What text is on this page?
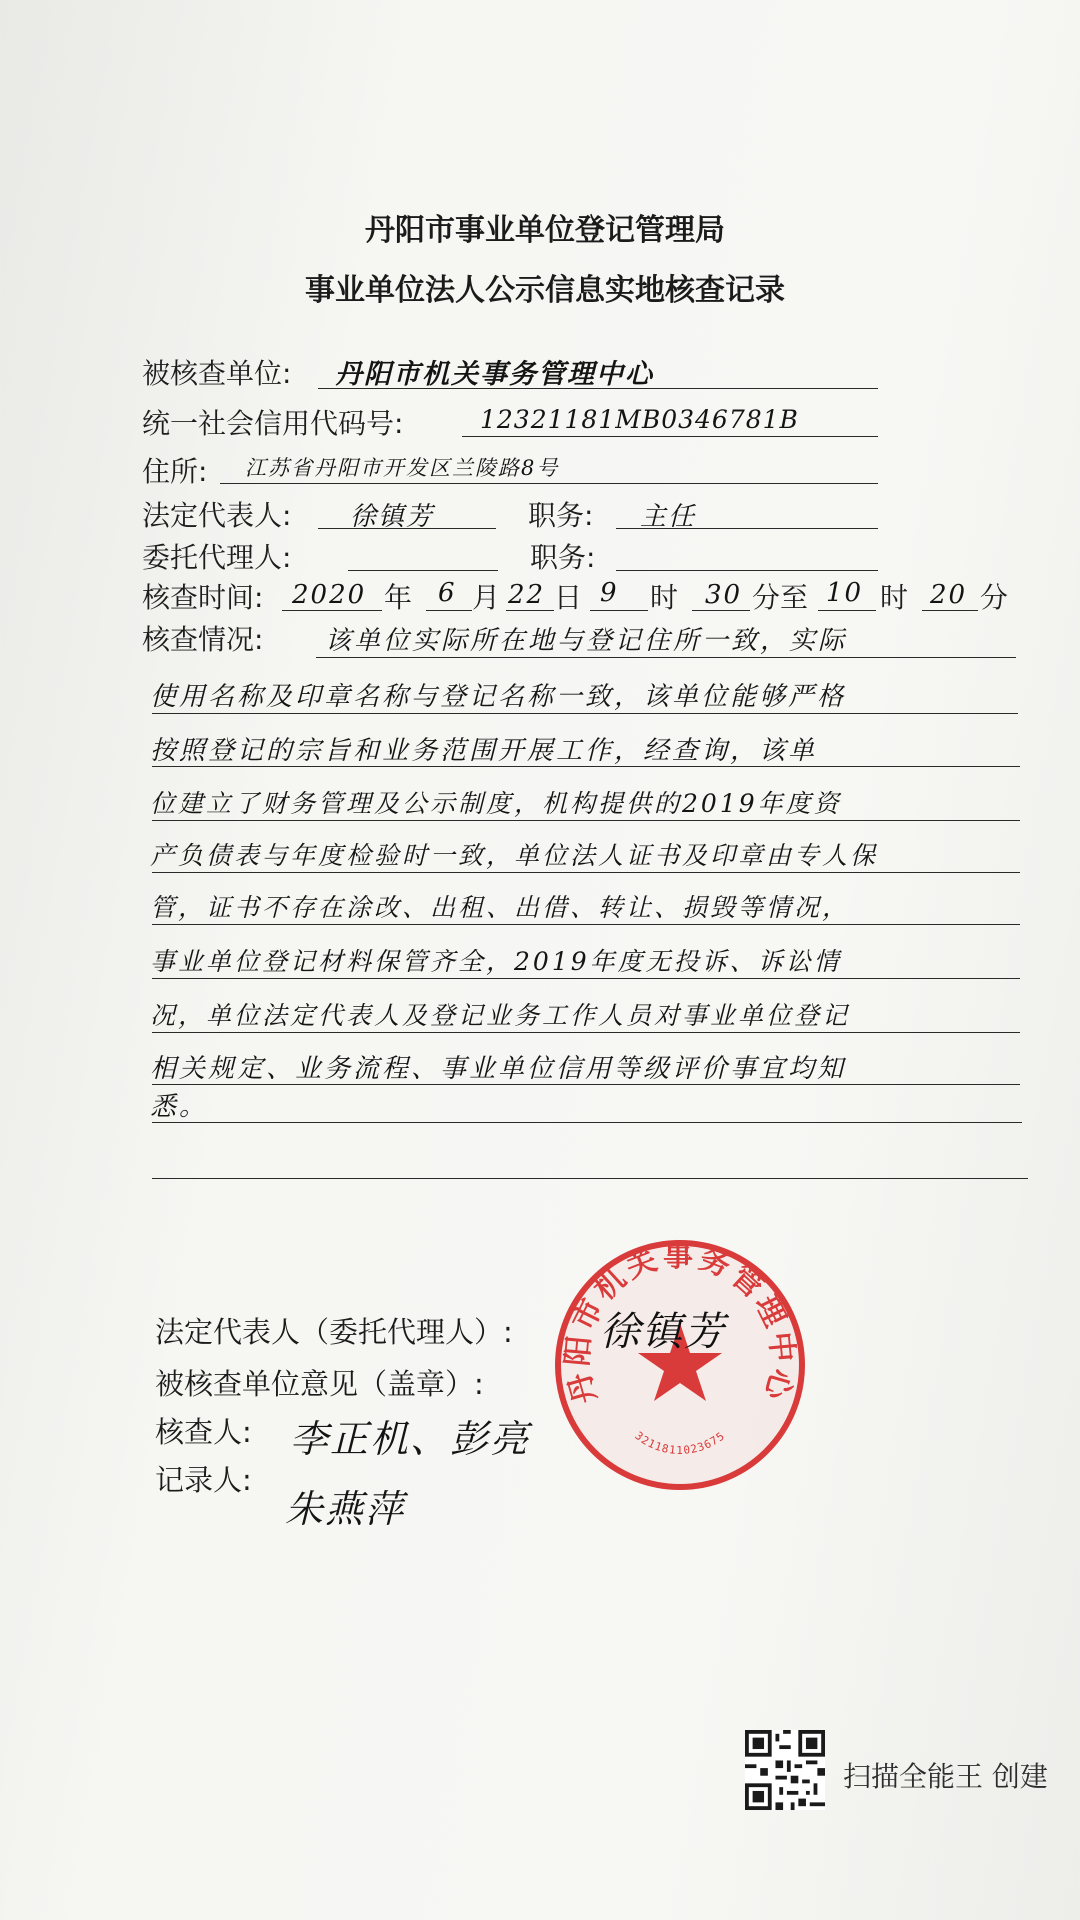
丹阳市事业单位登记管理局
事业单位法人公示信息实地核查记录
被核查单位: 丹阳市机关事务管理中心
统一社会信用代码号:	12321181MB0346781B
住所: 江苏省丹阳市开发区兰陵路8号
法定代表人: 徐镇芳	职务: 主任
委托代理人:	职务:
核查时间: 2020 年 6 月 22 日 9 时 30 分至 10 时 20 分
核查情况: 该单位实际所在地与登记住所一致，实际
使用名称及印章名称与登记名称一致，该单位能够严格
按照登记的宗旨和业务范围开展工作，经查询，该单
位建立了财务管理及公示制度，机构提供的2019年度资
产负债表与年度检验时一致，单位法人证书及印章由专人保
管，证书不存在涂改、出租、出借、转让、损毁等情况，
事业单位登记材料保管齐全，2019年度无投诉、诉讼情
况，单位法定代表人及登记业务工作人员对事业单位登记
相关规定、业务流程、事业单位信用等级评价事宜均知
悉。
丹阳市机关事务管理中心
3211811023675
法定代表人（委托代理人）: 徐镇芳
被核查单位意见（盖章）:
核查人: 李正机、彭亮
记录人:
朱燕萍
扫描全能王 创建
